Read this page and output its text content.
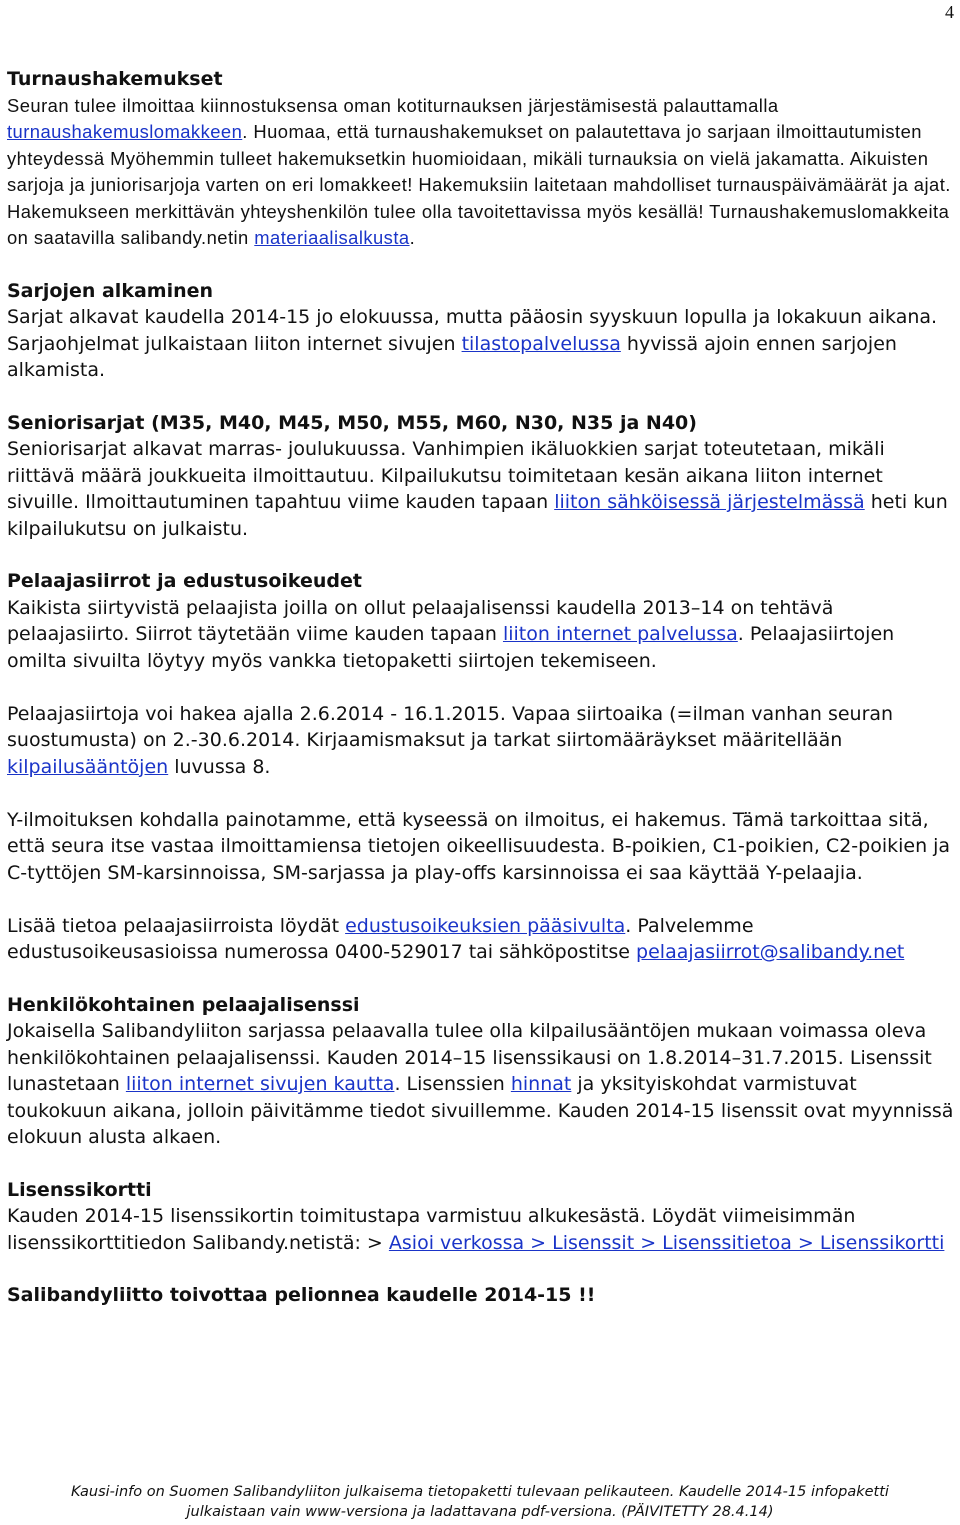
4
Turnaushakemukset

Seuran tulee ilmoittaa kiinnostuksensa oman kotiturnauksen järjestämisestä palauttamalla turnaushakemuslomakkeen. Huomaa, että turnaushakemukset on palautettava jo sarjaan ilmoittautumisten yhteydessä Myöhemmin tulleet hakemuksetkin huomioidaan, mikäli turnauksia on vielä jakamatta. Aikuisten sarjoja ja juniorisarjoja varten on eri lomakkeet! Hakemuksiin laitetaan mahdolliset turnauspäivämäärät ja ajat. Hakemukseen merkittävän yhteyshenkilön tulee olla tavoitettavissa myös kesällä! Turnaushakemuslomakkeita on saatavilla salibandy.netin materiaalisalkusta.

Sarjojen alkaminen

Sarjat alkavat kaudella 2014-15 jo elokuussa, mutta pääosin syyskuun lopulla ja lokakuun aikana. Sarjaohjelmat julkaistaan liiton internet sivujen tilastopalvelussa hyvissä ajoin ennen sarjojen alkamista.

Seniorisarjat (M35, M40, M45, M50, M55, M60, N30, N35 ja N40)

Seniorisarjat alkavat marras- joulukuussa. Vanhimpien ikäluokkien sarjat toteutetaan, mikäli riittävä määrä joukkueita ilmoittautuu. Kilpailukutsu toimitetaan kesän aikana liiton internet sivuille. Ilmoittautuminen tapahtuu viime kauden tapaan liiton sähköisessä järjestelmässä heti kun kilpailukutsu on julkaistu.

Pelaajasiirrot ja edustusoikeudet

Kaikista siirtyvistä pelaajista joilla on ollut pelaajalisenssi kaudella 2013–14 on tehtävä pelaajasiirto. Siirrot täytetään viime kauden tapaan liiton internet palvelussa. Pelaajasiirtojen omilta sivuilta löytyy myös vankka tietopaketti siirtojen tekemiseen.

Pelaajasiirtoja voi hakea ajalla 2.6.2014 - 16.1.2015. Vapaa siirtoaika (=ilman vanhan seuran suostumusta) on 2.-30.6.2014. Kirjaamismaksut ja tarkat siirtomääräykset määritellään kilpailusääntöjen luvussa 8.

Y-ilmoituksen kohdalla painotamme, että kyseessä on ilmoitus, ei hakemus. Tämä tarkoittaa sitä, että seura itse vastaa ilmoittamiensa tietojen oikeellisuudesta. B-poikien, C1-poikien, C2-poikien ja C-tyttöjen SM-karsinnoissa, SM-sarjassa ja play-offs karsinnoissa ei saa käyttää Y-pelaajia.

Lisää tietoa pelaajasiirroista löydät edustusoikeuksien pääsivulta. Palvelemme edustusoikeusasioissa numerossa 0400-529017 tai sähköpostitse pelaajasiirrot@salibandy.net

Henkilökohtainen pelaajalisenssi

Jokaisella Salibandyliiton sarjassa pelaavalla tulee olla kilpailusääntöjen mukaan voimassa oleva henkilökohtainen pelaajalisenssi. Kauden 2014–15 lisenssikausi on 1.8.2014–31.7.2015. Lisenssit lunastetaan liiton internet sivujen kautta. Lisenssien hinnat ja yksityiskohdat varmistuvat toukokuun aikana, jolloin päivitämme tiedot sivuillemme. Kauden 2014-15 lisenssit ovat myynnissä elokuun alusta alkaen.

Lisenssikortti

Kauden 2014-15 lisenssikortin toimitustapa varmistuu alkukesästä. Löydät viimeisimmän lisenssikorttitiedon Salibandy.netistä: > Asioi verkossa > Lisenssit > Lisenssitietoa > Lisenssikortti

Salibandyliitto toivottaa pelionnea kaudelle 2014-15 !!
Kausi-info on Suomen Salibandyliiton julkaisema tietopaketti tulevaan pelikauteen. Kaudelle 2014-15 infopaketti
julkaistaan vain www-versiona ja ladattavana pdf-versiona. (PÄIVITETTY 28.4.14)
